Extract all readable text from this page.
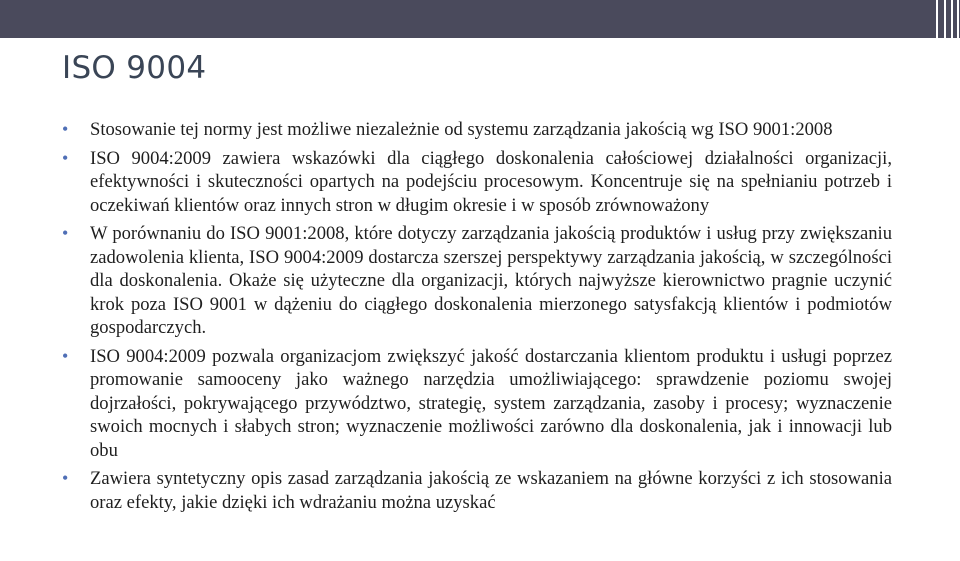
ISO 9004
• Stosowanie tej normy jest możliwe niezależnie od systemu zarządzania jakością wg ISO 9001:2008
• ISO 9004:2009 zawiera wskazówki dla ciągłego doskonalenia całościowej działalności organizacji, efektywności i skuteczności opartych na podejściu procesowym. Koncentruje się na spełnianiu potrzeb i oczekiwań klientów oraz innych stron w długim okresie i w sposób zrównoważony
• W porównaniu do ISO 9001:2008, które dotyczy zarządzania jakością produktów i usług przy zwiększaniu zadowolenia klienta, ISO 9004:2009 dostarcza szerszej perspektywy zarządzania jakością, w szczególności dla doskonalenia. Okaże się użyteczne dla organizacji, których najwyższe kierownictwo pragnie uczynić krok poza ISO 9001 w dążeniu do ciągłego doskonalenia mierzonego satysfakcją klientów i podmiotów gospodarczych.
• ISO 9004:2009 pozwala organizacjom zwiększyć jakość dostarczania klientom produktu i usługi poprzez promowanie samooceny jako ważnego narzędzia umożliwiającego: sprawdzenie poziomu swojej dojrzałości, pokrywającego przywództwo, strategię, system zarządzania, zasoby i procesy; wyznaczenie swoich mocnych i słabych stron; wyznaczenie możliwości zarówno dla doskonalenia, jak i innowacji lub obu
• Zawiera syntetyczny opis zasad zarządzania jakością ze wskazaniem na główne korzyści z ich stosowania oraz efekty, jakie dzięki ich wdrażaniu można uzyskać
